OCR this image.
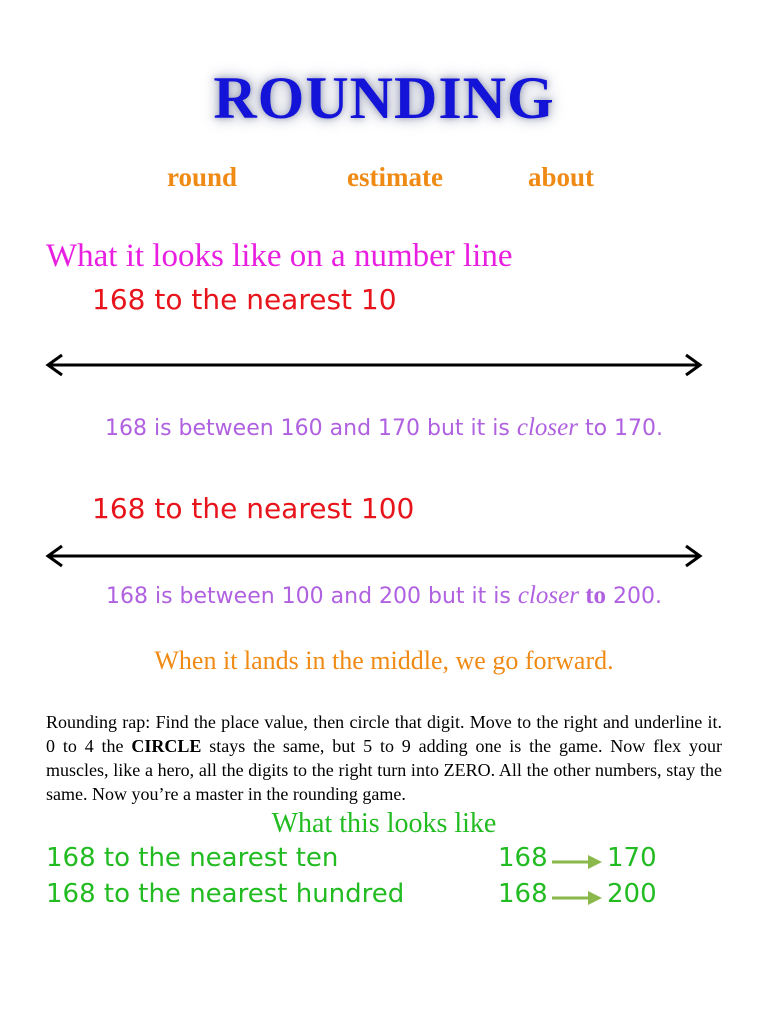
ROUNDING
round	estimate	about
What it looks like on a number line
168 to the nearest 10
168 is between 160 and 170 but it is closer to 170.
168 to the nearest 100
168 is between 100 and 200 but it is closer to 200.
When it lands in the middle, we go forward.
Rounding rap: Find the place value, then circle that digit. Move to the right and underline it. 0 to 4 the CIRCLE stays the same, but 5 to 9 adding one is the game. Now flex your muscles, like a hero, all the digits to the right turn into ZERO. All the other numbers, stay the same. Now you’re a master in the rounding game.
What this looks like
168 to the nearest ten	168 170
168 to the nearest hundred	168 200
